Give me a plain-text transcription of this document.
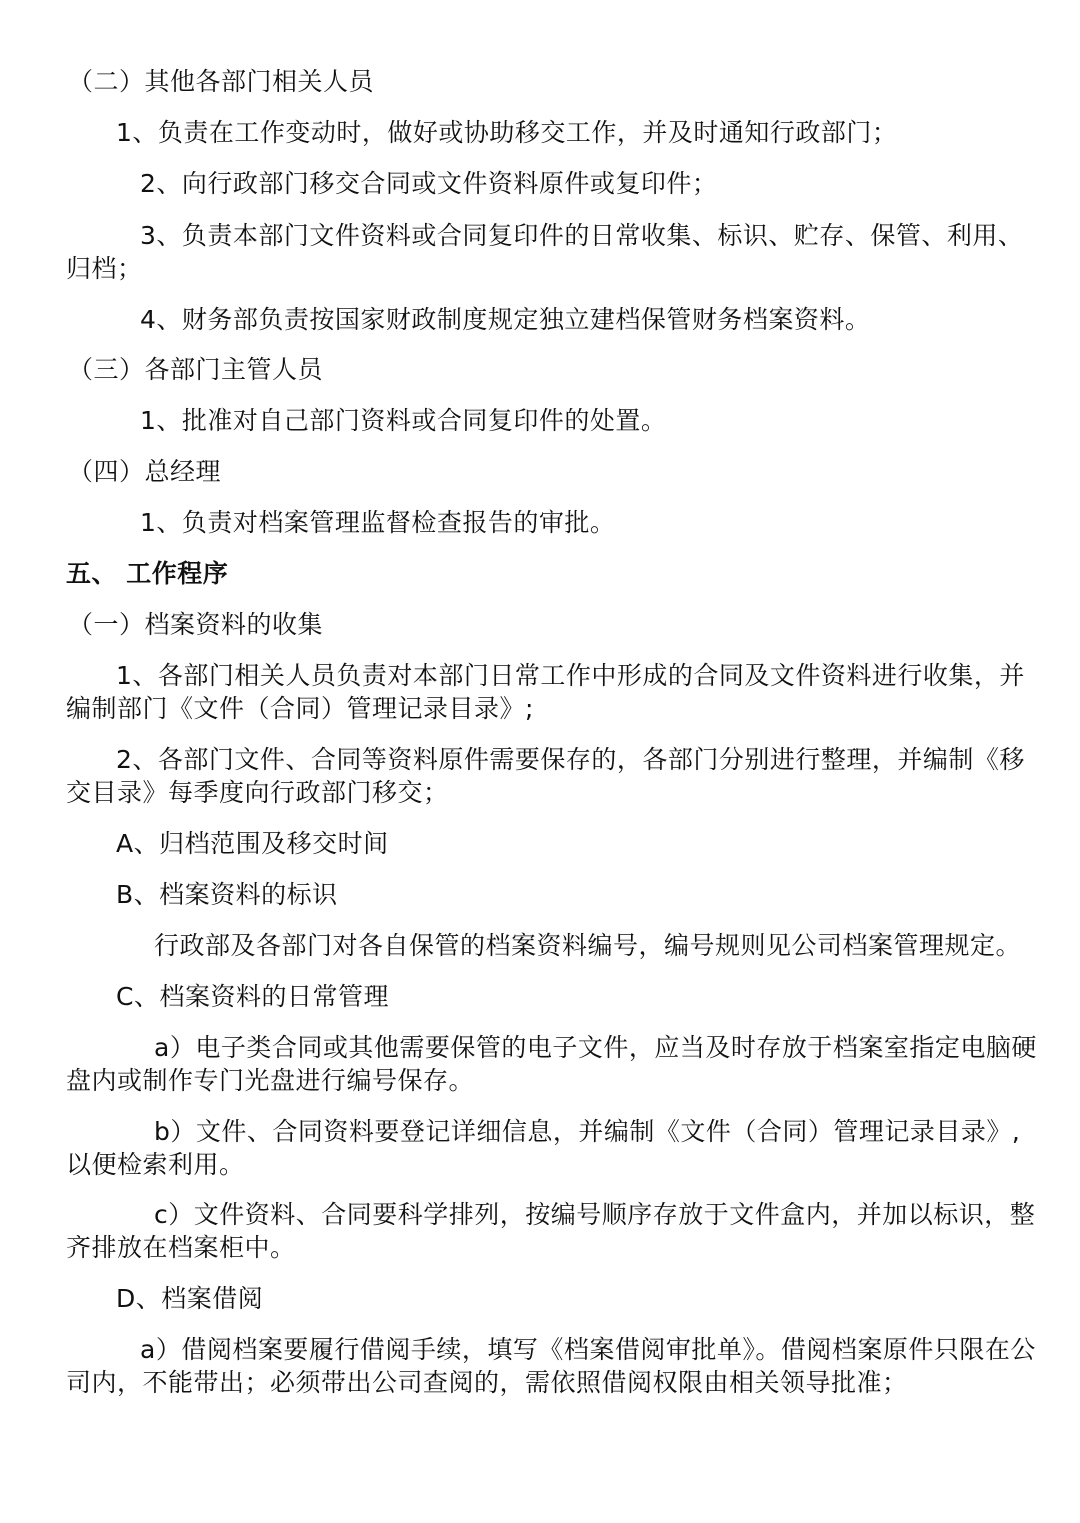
（二）其他各部门相关人员
1、负责在工作变动时，做好或协助移交工作，并及时通知行政部门；
2、向行政部门移交合同或文件资料原件或复印件；
3、负责本部门文件资料或合同复印件的日常收集、标识、贮存、保管、利用、
归档；
4、财务部负责按国家财政制度规定独立建档保管财务档案资料。
（三）各部门主管人员
1、批准对自己部门资料或合同复印件的处置。
（四）总经理
1、负责对档案管理监督检查报告的审批。
五、 工作程序
（一）档案资料的收集
1、各部门相关人员负责对本部门日常工作中形成的合同及文件资料进行收集，并
编制部门《文件（合同）管理记录目录》;
2、各部门文件、合同等资料原件需要保存的，各部门分别进行整理，并编制《移
交目录》每季度向行政部门移交；
A、归档范围及移交时间
B、档案资料的标识
行政部及各部门对各自保管的档案资料编号，编号规则见公司档案管理规定。
C、档案资料的日常管理
a）电子类合同或其他需要保管的电子文件，应当及时存放于档案室指定电脑硬
盘内或制作专门光盘进行编号保存。
b）文件、合同资料要登记详细信息，并编制《文件（合同）管理记录目录》,
以便检索利用。
c）文件资料、合同要科学排列，按编号顺序存放于文件盒内，并加以标识，整
齐排放在档案柜中。
D、档案借阅
a）借阅档案要履行借阅手续，填写《档案借阅审批单》。借阅档案原件只限在公
司内，不能带出；必须带出公司查阅的，需依照借阅权限由相关领导批准；
